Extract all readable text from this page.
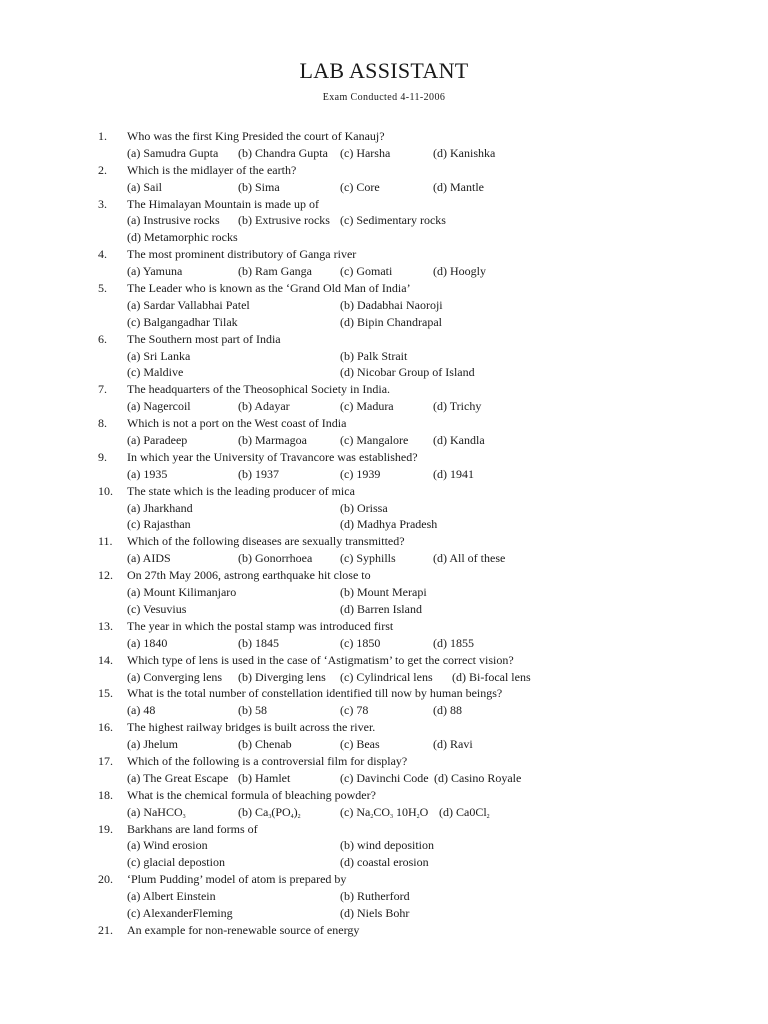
LAB ASSISTANT
Exam Conducted 4-11-2006
1. Who was the first King Presided the court of Kanauj?
(a) Samudra Gupta (b) Chandra Gupta (c) Harsha	(d) Kanishka
2. Which is the midlayer of the earth?
(a) Sail	(b) Sima	(c) Core	(d) Mantle
3. The Himalayan Mountain is made up of
(a) Instrusive rocks (b) Extrusive rocks (c) Sedimentary rocks
(d) Metamorphic rocks
4. The most prominent distributory of Ganga river
(a) Yamuna	(b) Ram Ganga (c) Gomati	(d) Hoogly
5. The Leader who is known as the ‘Grand Old Man of India’
(a) Sardar Vallabhai Patel	(b) Dadabhai Naoroji
(c) Balgangadhar Tilak	(d) Bipin Chandrapal
6. The Southern most part of India
(a) Sri Lanka	(b) Palk Strait
(c) Maldive	(d) Nicobar Group of Island
7. The headquarters of the Theosophical Society in India.
(a) Nagercoil	(b) Adayar	(c) Madura	(d) Trichy
8. Which is not a port on the West coast of India
(a) Paradeep	(b) Marmagoa	(c) Mangalore (d) Kandla
9. In which year the University of Travancore was established?
(a) 1935	(b) 1937	(c) 1939	(d) 1941
10. The state which is the leading producer of mica
(a) Jharkhand	(b) Orissa
(c) Rajasthan	(d) Madhya Pradesh
11. Which of the following diseases are sexually transmitted?
(a) AIDS	(b) Gonorrhoea (c) Syphills	(d) All of these
12. On 27th May 2006, astrong earthquake hit close to
(a) Mount Kilimanjaro	(b) Mount Merapi
(c) Vesuvius	(d) Barren Island
13. The year in which the postal stamp was introduced first
(a) 1840	(b) 1845	(c) 1850	(d) 1855
14. Which type of lens is used in the case of ‘Astigmatism’ to get the correct vision?
(a) Converging lens (b) Diverging lens (c) Cylindrical lens (d) Bi-focal lens
15. What is the total number of constellation identified till now by human beings?
(a) 48	(b) 58	(c) 78	(d) 88
16. The highest railway bridges is built across the river.
(a) Jhelum	(b) Chenab	(c) Beas	(d) Ravi
17. Which of the following is a controversial film for display?
(a) The Great Escape (b) Hamlet	(c) Davinchi Code (d) Casino Royale
18. What is the chemical formula of bleaching powder?
(a) NaHCO$_3$	(b) $Ca_3(PO_4)_2$	(c) $Na_2CO_3$ $10H_2O$ (d) $Ca0Cl_2$
19. Barkhans are land forms of
(a) Wind erosion	(b) wind deposition
(c) glacial depostion	(d) coastal erosion
20. ‘Plum Pudding’ model of atom is prepared by
(a) Albert Einstein	(b) Rutherford
(c) AlexanderFleming	(d) Niels Bohr
21. An example for non-renewable source of energy
